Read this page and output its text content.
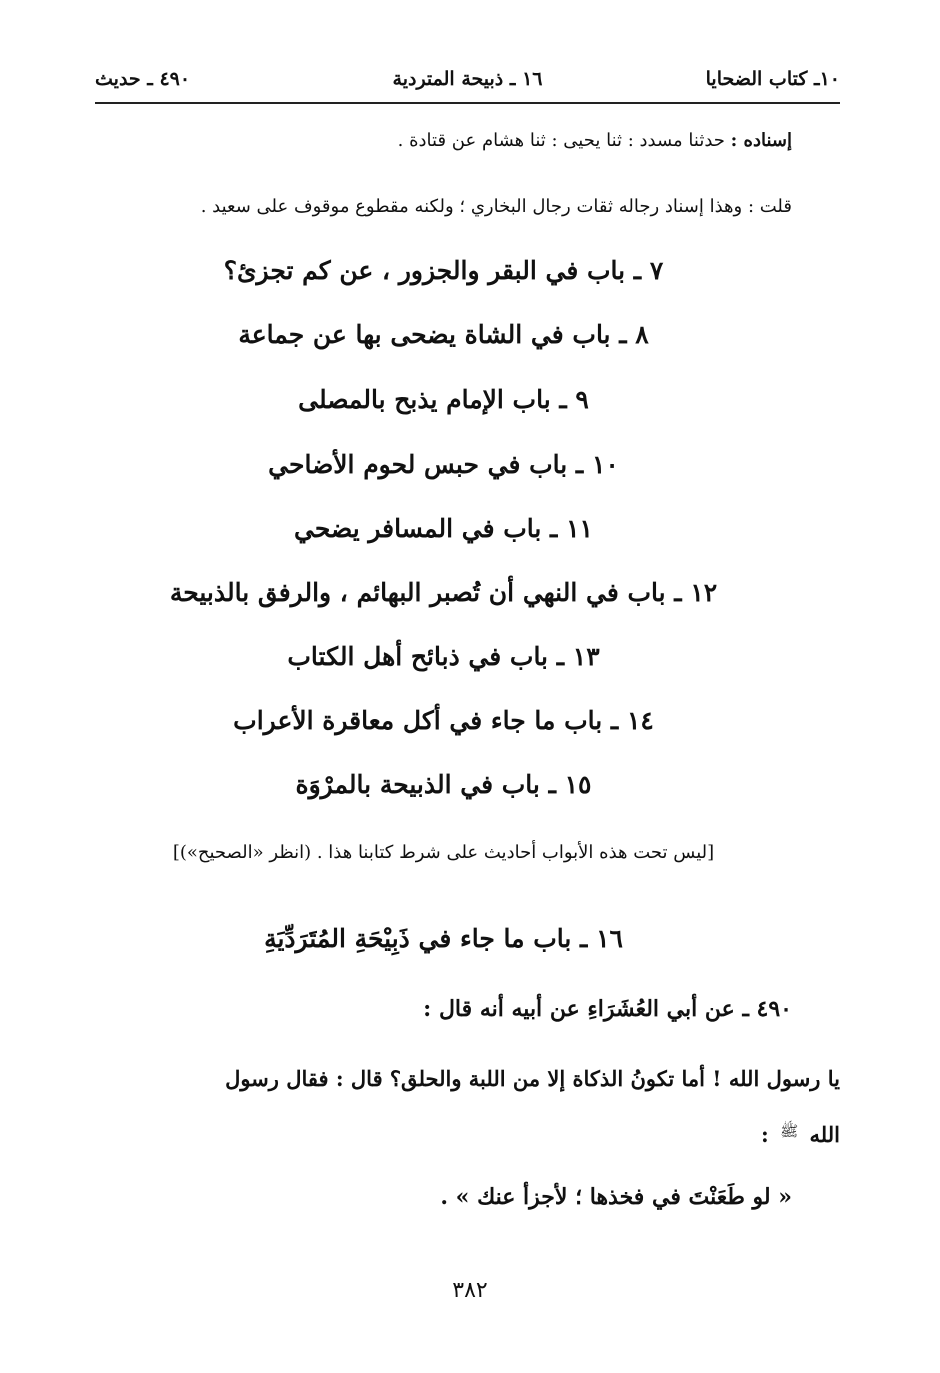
١٠ـ كتاب الضحايا
١٦ ـ ذبيحة المتردية
٤٩٠ ـ حديث
إسناده : حدثنا مسدد : ثنا يحيى : ثنا هشام عن قتادة .
قلت : وهذا إسناد رجاله ثقات رجال البخاري ؛ ولكنه مقطوع موقوف على سعيد .
٧ ـ باب في البقر والجزور ، عن كم تجزئ؟
٨ ـ باب في الشاة يضحى بها عن جماعة
٩ ـ باب الإمام يذبح بالمصلى
١٠ ـ باب في حبس لحوم الأضاحي
١١ ـ باب في المسافر يضحي
١٢ ـ باب في النهي أن تُصبر البهائم ، والرفق بالذبيحة
١٣ ـ باب في ذبائح أهل الكتاب
١٤ ـ باب ما جاء في أكل معاقرة الأعراب
١٥ ـ باب في الذبيحة بالمرْوَة
[ليس تحت هذه الأبواب أحاديث على شرط كتابنا هذا . (انظر «الصحيح»)]
١٦ ـ باب ما جاء في ذَبِيْحَةِ المُتَرَدِّيَةِ
٤٩٠ ـ عن أبي العُشَرَاءِ عن أبيه أنه قال :
يا رسول الله ! أما تكونُ الذكاة إلا من اللبة والحلق؟ قال : فقال رسول
الله ﷺ :
« لو طَعَنْتَ في فخذها ؛ لأجزأ عنك » .
٣٨٢
